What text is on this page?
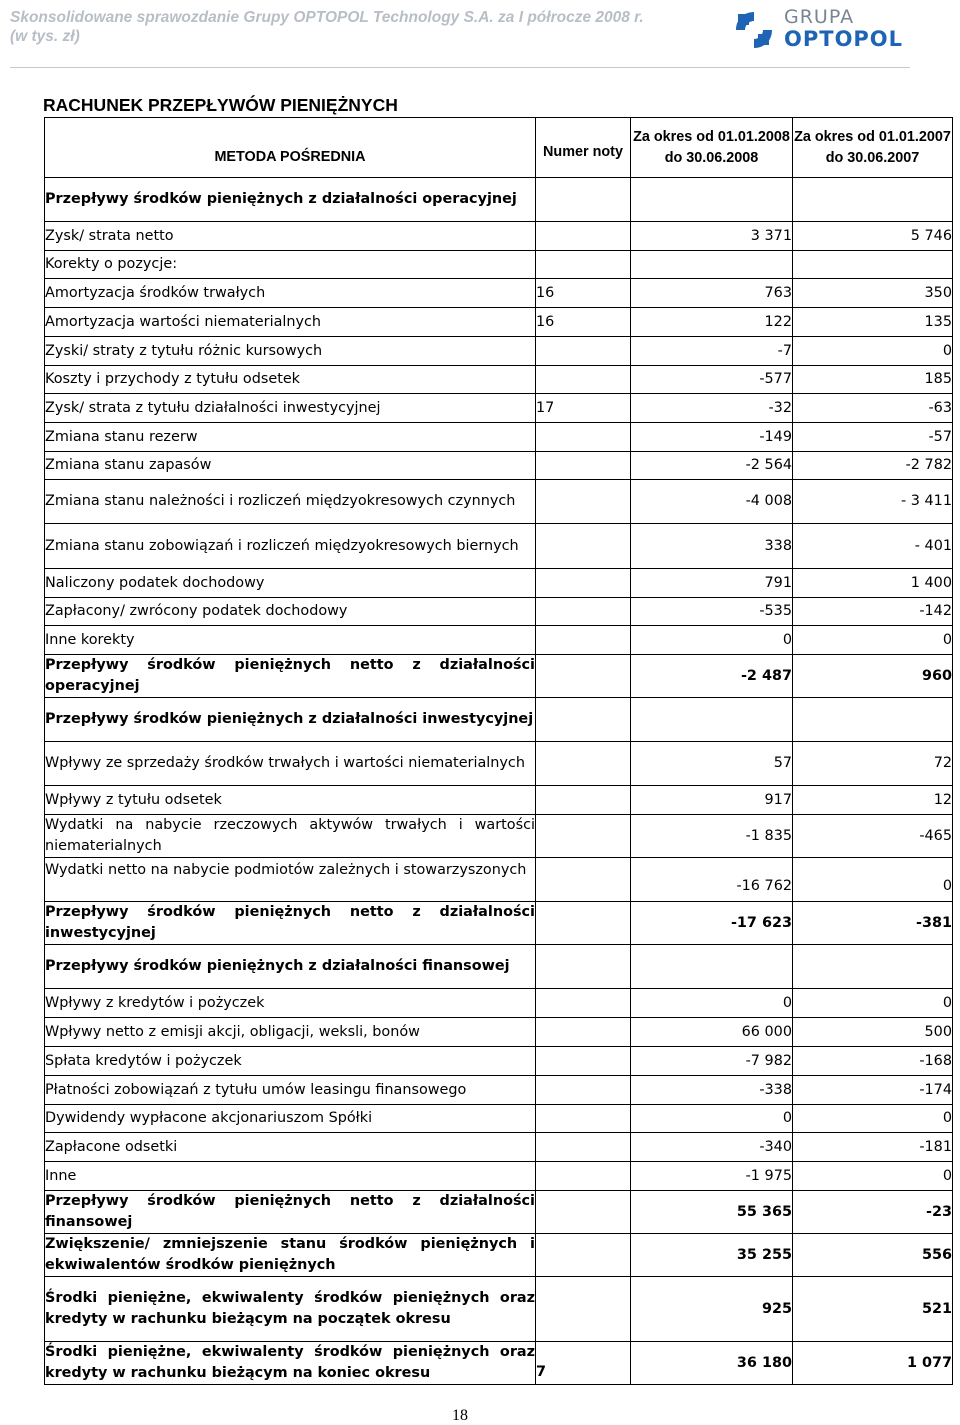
Skonsolidowane sprawozdanie Grupy OPTOPOL Technology S.A. za I półrocze 2008 r.
(w tys. zł)
GRUPA
OPTOPOL
RACHUNEK PRZEPŁYWÓW PIENIĘŻNYCH
METODA POŚREDNIA	Numer noty	Za okres od 01.01.2008 do 30.06.2008	Za okres od 01.01.2007 do 30.06.2007
Przepływy środków pieniężnych z działalności operacyjnej			
Zysk/ strata netto		3 371	5 746
Korekty o pozycje:			
Amortyzacja środków trwałych	16	763	350
Amortyzacja wartości niematerialnych	16	122	135
Zyski/ straty z tytułu różnic kursowych		-7	0
Koszty i przychody z tytułu odsetek		-577	185
Zysk/ strata z tytułu działalności inwestycyjnej	17	-32	-63
Zmiana stanu rezerw		-149	-57
Zmiana stanu zapasów		-2 564	-2 782
Zmiana stanu należności i rozliczeń międzyokresowych czynnych		-4 008	- 3 411
Zmiana stanu zobowiązań i rozliczeń międzyokresowych biernych		338	- 401
Naliczony podatek dochodowy		791	1 400
Zapłacony/ zwrócony podatek dochodowy		-535	-142
Inne korekty		0	0
Przepływy środków pieniężnych netto z działalności operacyjnej		-2 487	960
Przepływy środków pieniężnych z działalności inwestycyjnej			
Wpływy ze sprzedaży środków trwałych i wartości niematerialnych		57	72
Wpływy z tytułu odsetek		917	12
Wydatki na nabycie rzeczowych aktywów trwałych i wartości niematerialnych		-1 835	-465
Wydatki netto na nabycie podmiotów zależnych i stowarzyszonych		-16 762	0
Przepływy środków pieniężnych netto z działalności inwestycyjnej		-17 623	-381
Przepływy środków pieniężnych z działalności finansowej			
Wpływy z kredytów i pożyczek		0	0
Wpływy netto z emisji akcji, obligacji, weksli, bonów		66 000	500
Spłata kredytów i pożyczek		-7 982	-168
Płatności zobowiązań z tytułu umów leasingu finansowego		-338	-174
Dywidendy wypłacone akcjonariuszom Spółki		0	0
Zapłacone odsetki		-340	-181
Inne		-1 975	0
Przepływy środków pieniężnych netto z działalności finansowej		55 365	-23
Zwiększenie/ zmniejszenie stanu środków pieniężnych i ekwiwalentów środków pieniężnych		35 255	556
Środki pieniężne, ekwiwalenty środków pieniężnych oraz kredyty w rachunku bieżącym na początek okresu		925	521
Środki pieniężne, ekwiwalenty środków pieniężnych oraz kredyty w rachunku bieżącym na koniec okresu	7	36 180	1 077
18
